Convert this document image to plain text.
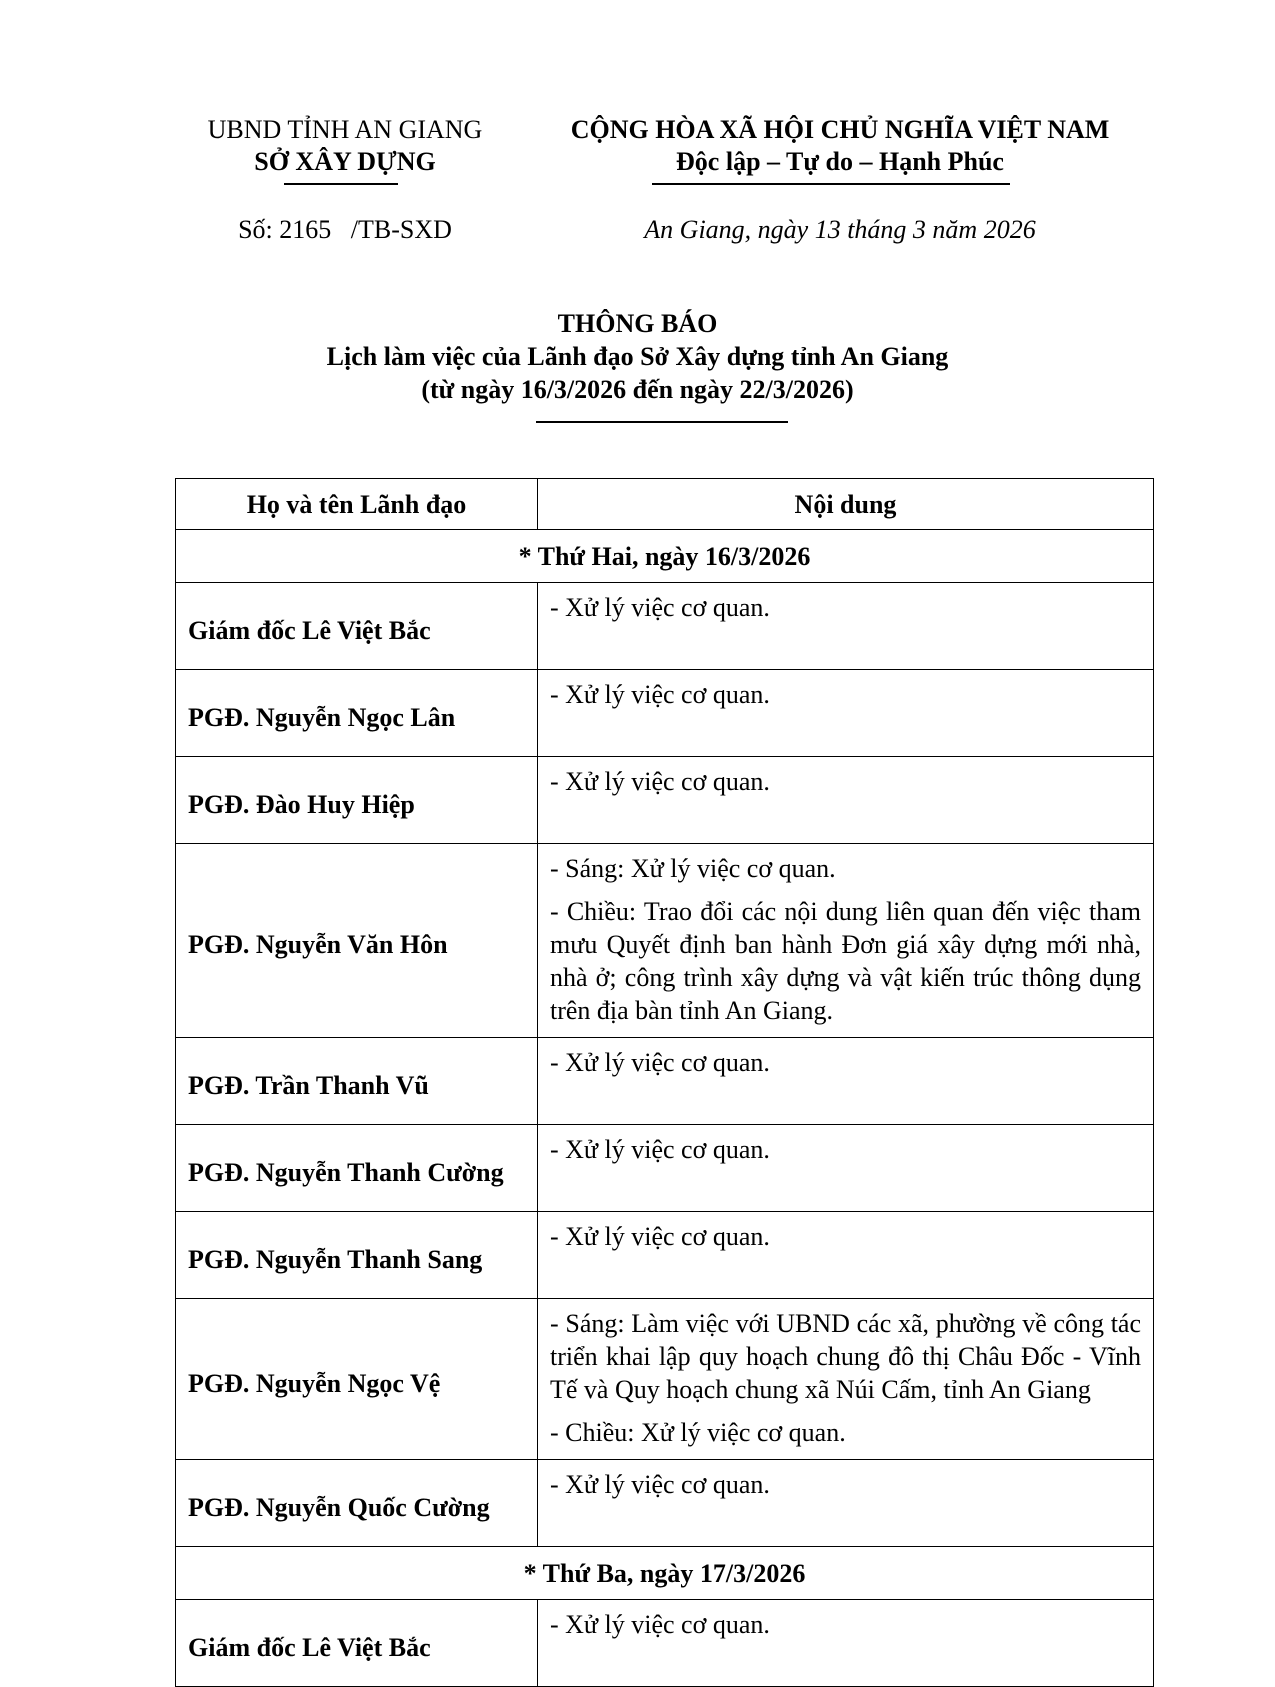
UBND TỈNH AN GIANG
SỞ XÂY DỰNG
CỘNG HÒA XÃ HỘI CHỦ NGHĨA VIỆT NAM
Độc lập – Tự do – Hạnh Phúc
Số: 2165   /TB-SXD	An Giang, ngày 13 tháng 3 năm 2026
THÔNG BÁO
Lịch làm việc của Lãnh đạo Sở Xây dựng tỉnh An Giang
(từ ngày 16/3/2026 đến ngày 22/3/2026)
Họ và tên Lãnh đạo	Nội dung
* Thứ Hai, ngày 16/3/2026	
Giám đốc Lê Việt Bắc	- Xử lý việc cơ quan.

PGĐ. Nguyễn Ngọc Lân	- Xử lý việc cơ quan.

PGĐ. Đào Huy Hiệp	- Xử lý việc cơ quan.

PGĐ. Nguyễn Văn Hôn	- Sáng: Xử lý việc cơ quan.

- Chiều: Trao đổi các nội dung liên quan đến việc tham mưu Quyết định ban hành Đơn giá xây dựng mới nhà, nhà ở; công trình xây dựng và vật kiến trúc thông dụng trên địa bàn tỉnh An Giang.

PGĐ. Trần Thanh Vũ	- Xử lý việc cơ quan.

PGĐ. Nguyễn Thanh Cường	- Xử lý việc cơ quan.

PGĐ. Nguyễn Thanh Sang	- Xử lý việc cơ quan.

PGĐ. Nguyễn Ngọc Vệ	- Sáng: Làm việc với UBND các xã, phường về công tác triển khai lập quy hoạch chung đô thị Châu Đốc - Vĩnh Tế và Quy hoạch chung xã Núi Cấm, tỉnh An Giang

- Chiều: Xử lý việc cơ quan.

PGĐ. Nguyễn Quốc Cường	- Xử lý việc cơ quan.

* Thứ Ba, ngày 17/3/2026	
Giám đốc Lê Việt Bắc	- Xử lý việc cơ quan.
